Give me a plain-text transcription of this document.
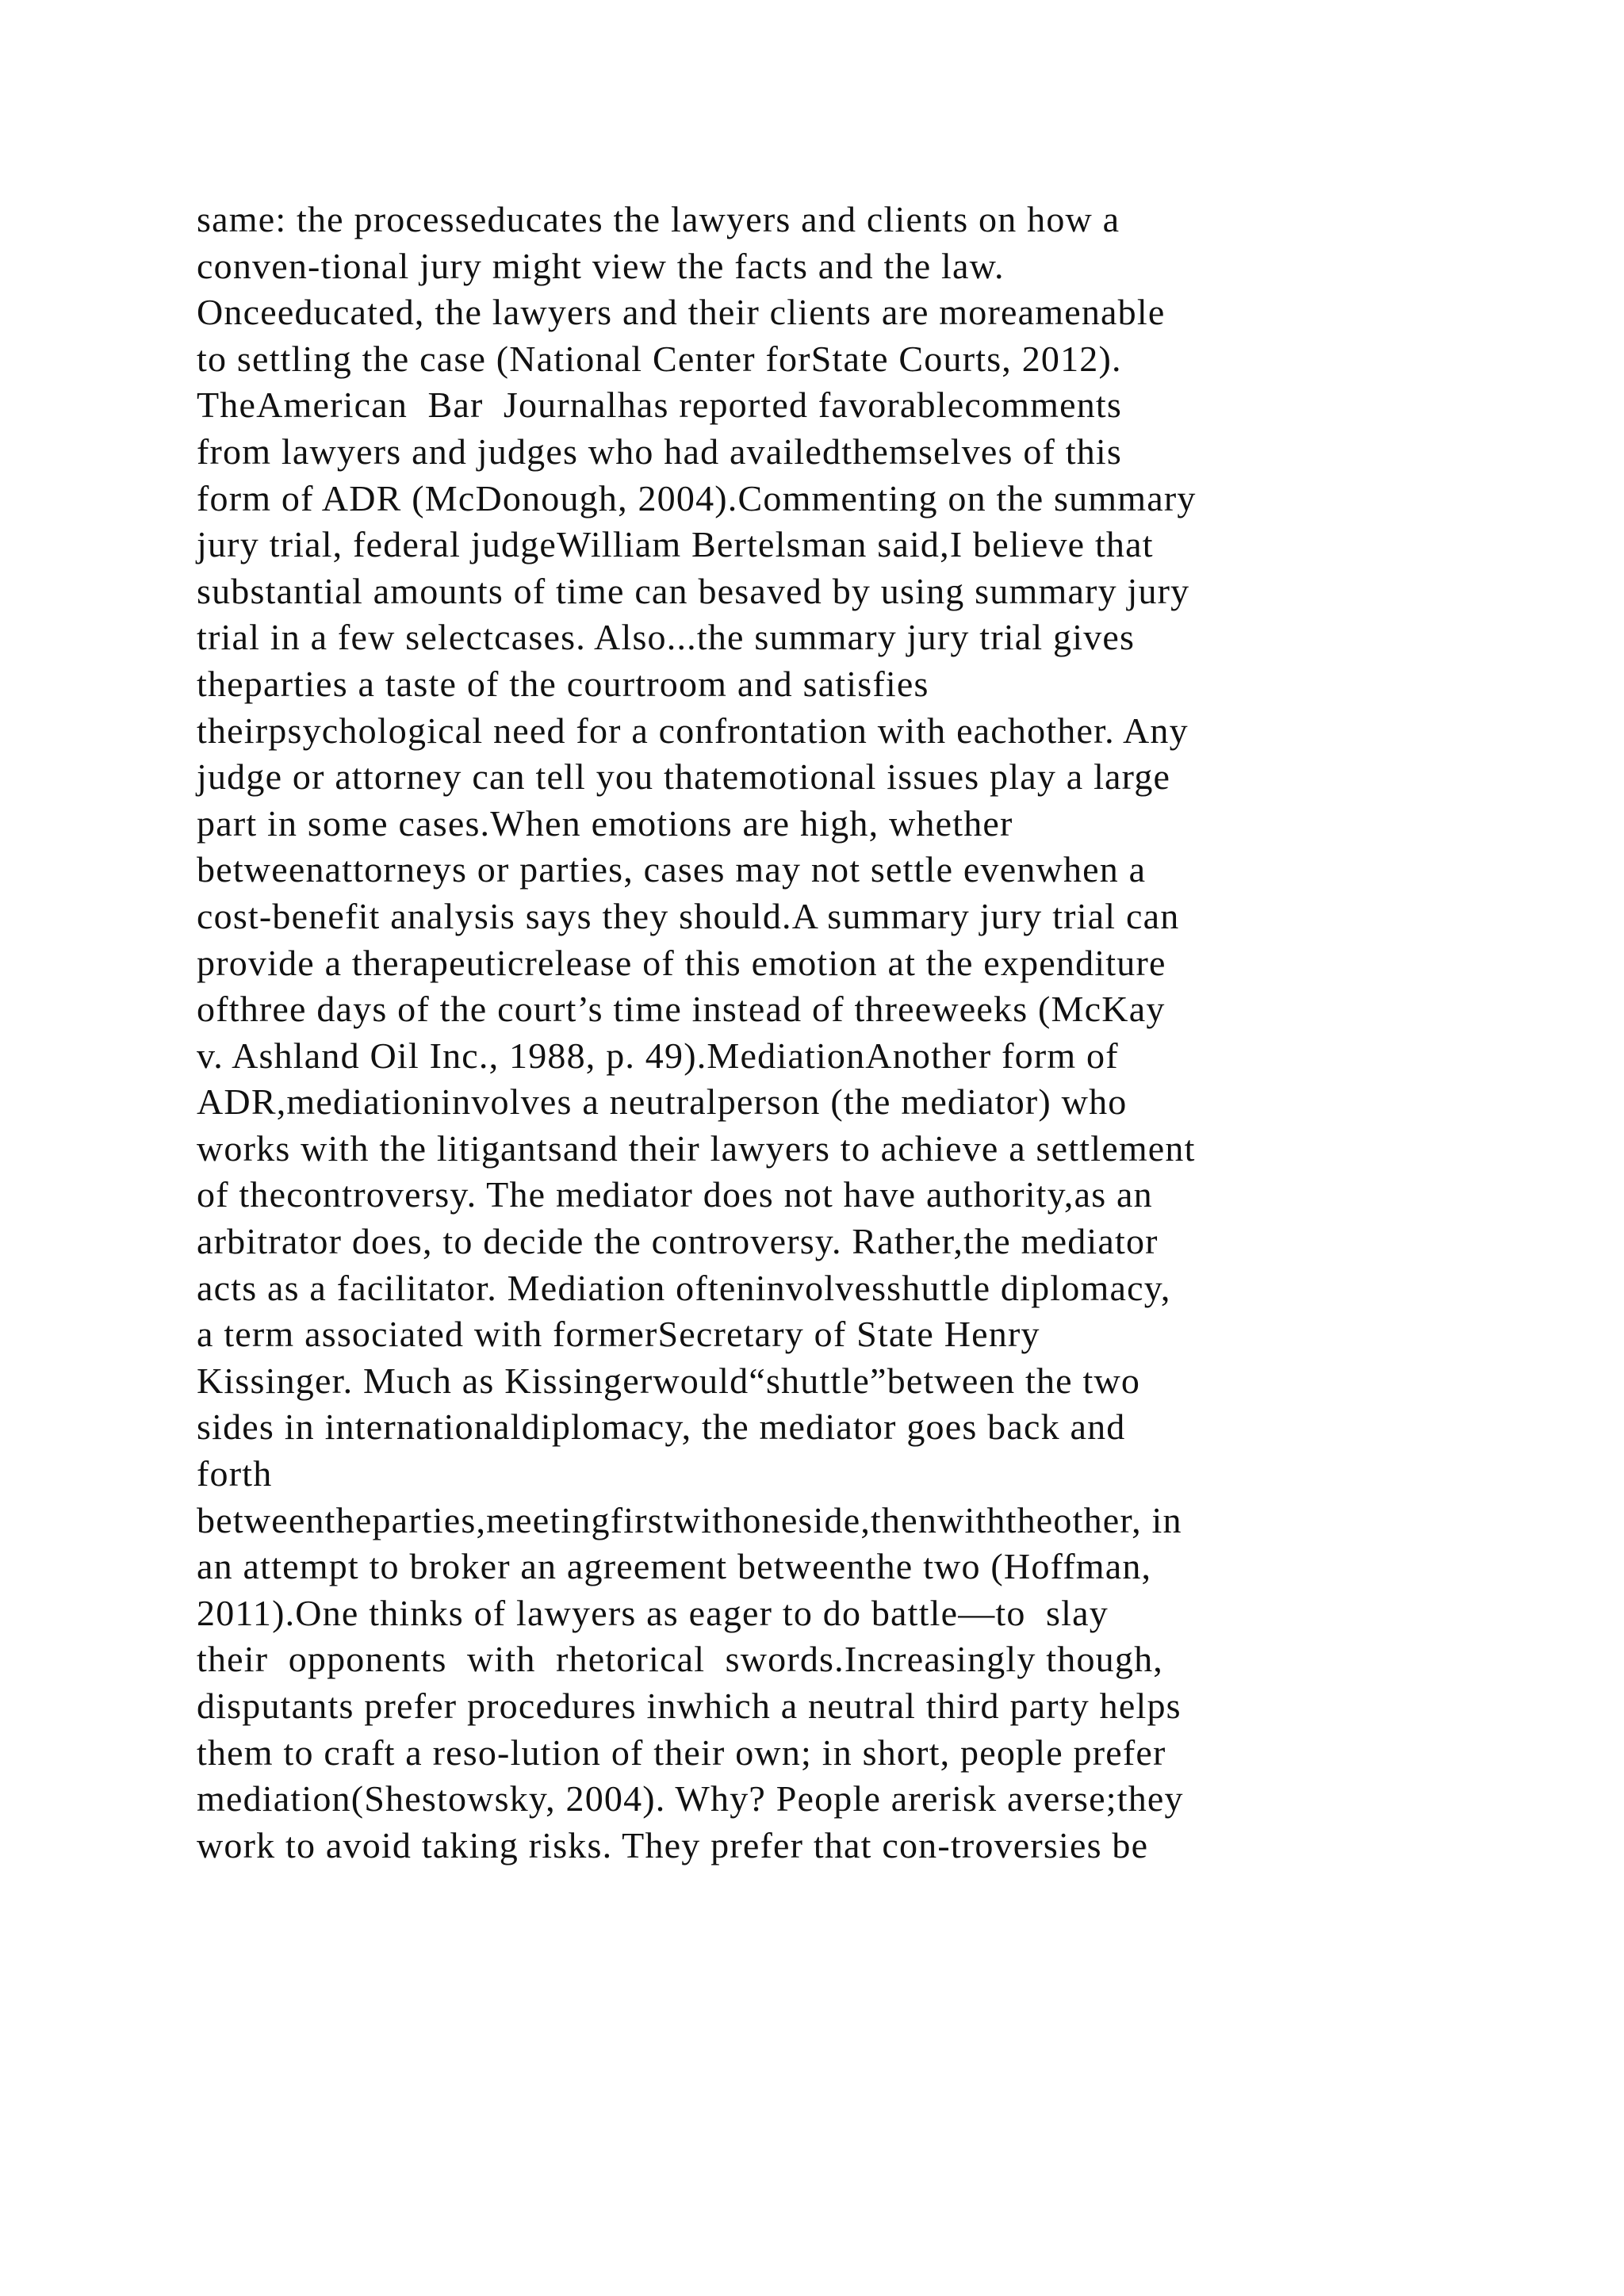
same: the processeducates the lawyers and clients on how a
conven-tional jury might view the facts and the law.
Onceeducated, the lawyers and their clients are moreamenable
to settling the case (National Center forState Courts, 2012).
TheAmerican  Bar  Journalhas reported favorablecomments
from lawyers and judges who had availedthemselves of this
form of ADR (McDonough, 2004).Commenting on the summary
jury trial, federal judgeWilliam Bertelsman said,I believe that
substantial amounts of time can besaved by using summary jury
trial in a few selectcases. Also...the summary jury trial gives
theparties a taste of the courtroom and satisfies
theirpsychological need for a confrontation with eachother. Any
judge or attorney can tell you thatemotional issues play a large
part in some cases.When emotions are high, whether
betweenattorneys or parties, cases may not settle evenwhen a
cost-benefit analysis says they should.A summary jury trial can
provide a therapeuticrelease of this emotion at the expenditure
ofthree days of the court’s time instead of threeweeks (McKay
v. Ashland Oil Inc., 1988, p. 49).MediationAnother form of
ADR,mediationinvolves a neutralperson (the mediator) who
works with the litigantsand their lawyers to achieve a settlement
of thecontroversy. The mediator does not have authority,as an
arbitrator does, to decide the controversy. Rather,the mediator
acts as a facilitator. Mediation ofteninvolvesshuttle diplomacy,
a term associated with formerSecretary of State Henry
Kissinger. Much as Kissingerwould“shuttle”between the two
sides in internationaldiplomacy, the mediator goes back and
forth
betweentheparties,meetingfirstwithoneside,thenwiththeother, in
an attempt to broker an agreement betweenthe two (Hoffman,
2011).One thinks of lawyers as eager to do battle—to  slay
their  opponents  with  rhetorical  swords.Increasingly though,
disputants prefer procedures inwhich a neutral third party helps
them to craft a reso-lution of their own; in short, people prefer
mediation(Shestowsky, 2004). Why? People arerisk averse;they
work to avoid taking risks. They prefer that con-troversies be
